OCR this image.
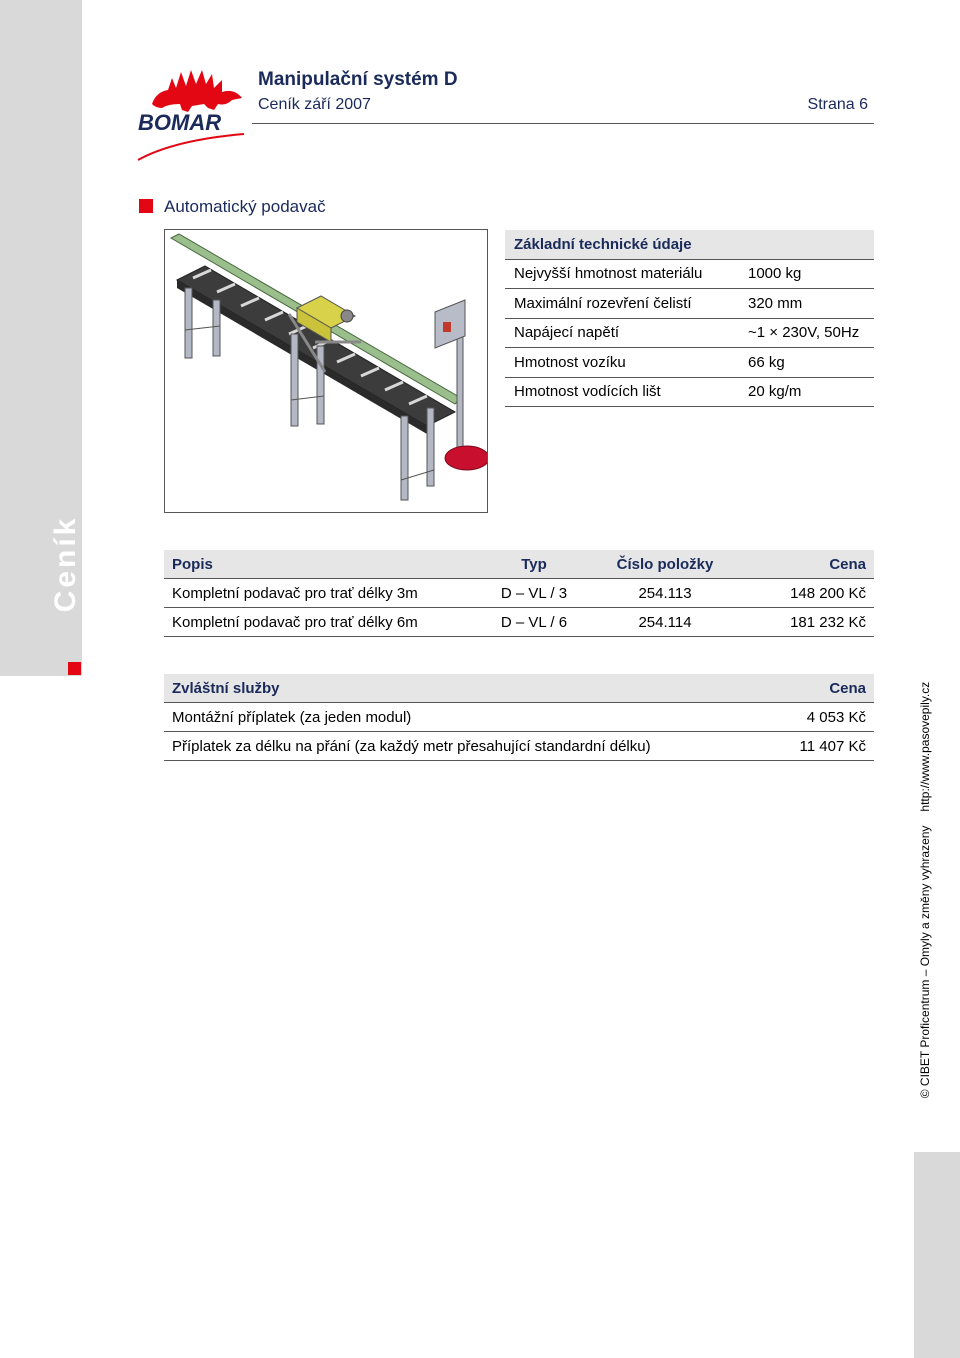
Ceník
© CIBET Proficentrum – Omyly a změny vyhrazenyhttp://www.pasovepily.cz
BOMAR
Manipulační systém D
Ceník září 2007	Strana 6
Automatický podavač
Základní technické údaje	
Nejvyšší hmotnost materiálu	1000 kg
Maximální rozevření čelistí	320 mm
Napájecí napětí	~1 × 230V, 50Hz
Hmotnost vozíku	66 kg
Hmotnost vodících lišt	20 kg/m
Popis	Typ	Číslo položky	Cena
Kompletní podavač pro trať délky 3m	D – VL / 3	254.113	148 200 Kč
Kompletní podavač pro trať délky 6m	D – VL / 6	254.114	181 232 Kč
Zvláštní služby	Cena
Montážní příplatek (za jeden modul)	4 053 Kč
Příplatek za délku na přání (za každý metr přesahující standardní délku)	11 407 Kč
